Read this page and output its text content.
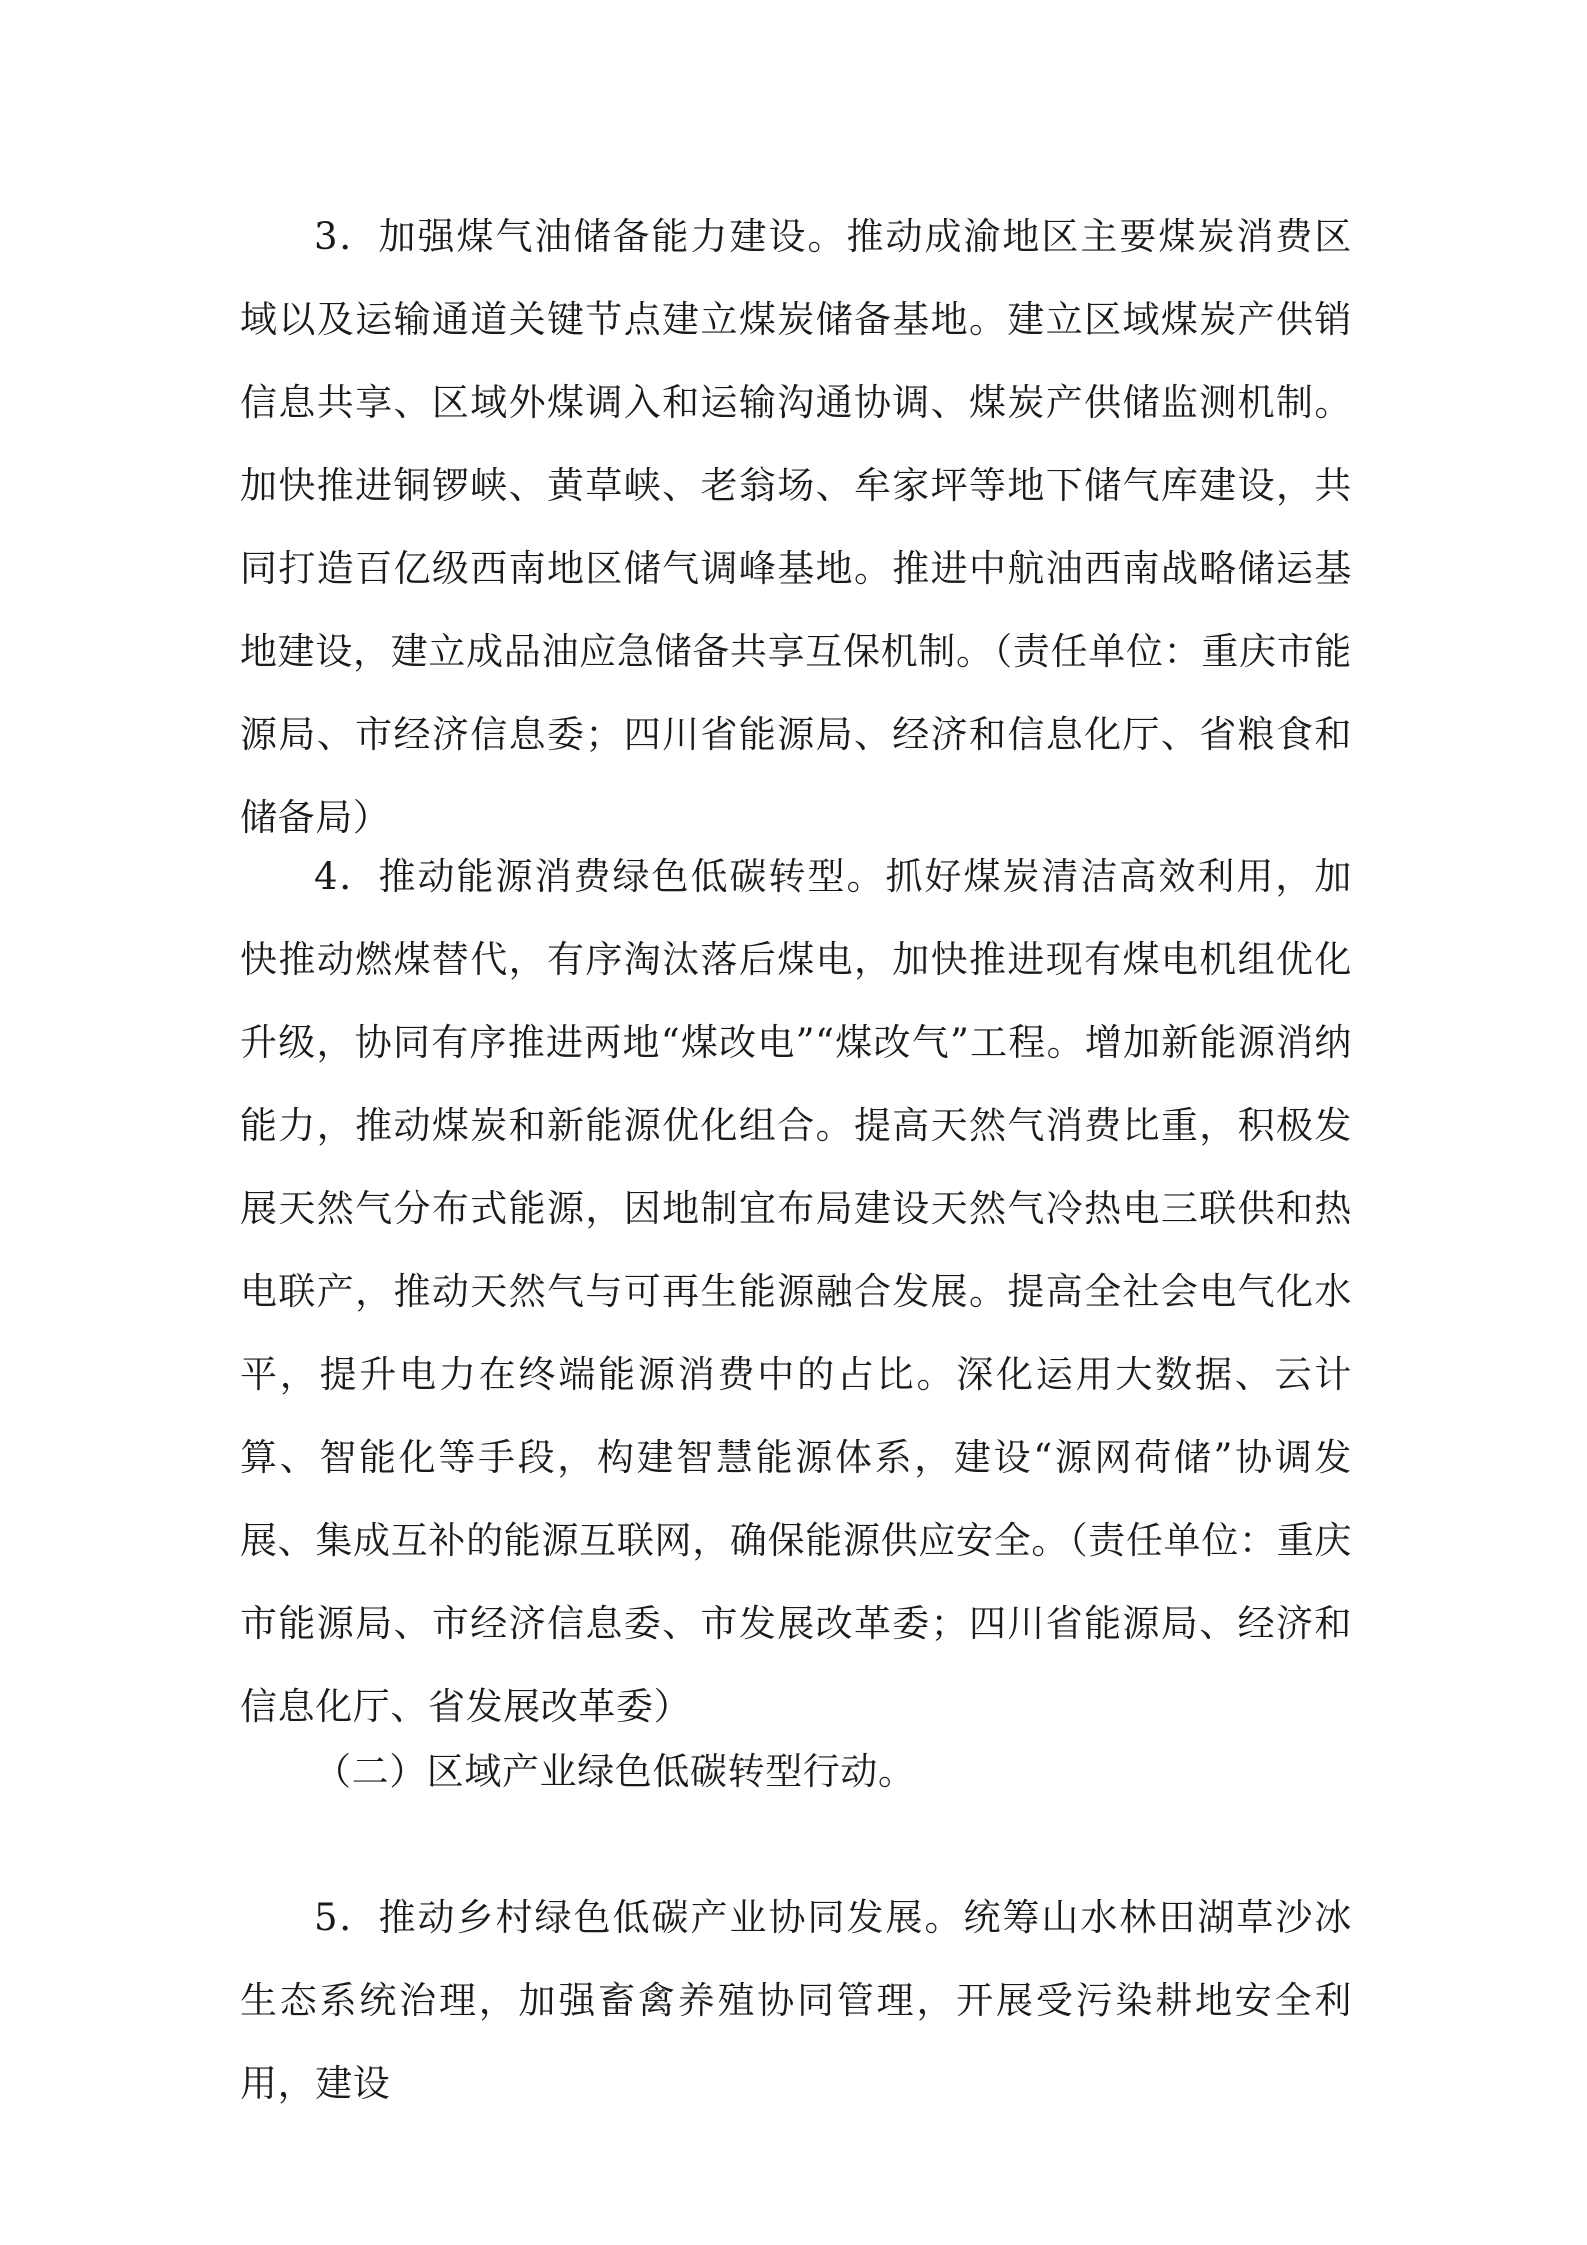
3．加强煤气油储备能力建设。推动成渝地区主要煤炭消费区域以及运输通道关键节点建立煤炭储备基地。建立区域煤炭产供销信息共享、区域外煤调入和运输沟通协调、煤炭产供储监测机制。加快推进铜锣峡、黄草峡、老翁场、牟家坪等地下储气库建设，共同打造百亿级西南地区储气调峰基地。推进中航油西南战略储运基地建设，建立成品油应急储备共享互保机制。（责任单位：重庆市能源局、市经济信息委；四川省能源局、经济和信息化厅、省粮食和储备局）

4．推动能源消费绿色低碳转型。抓好煤炭清洁高效利用，加快推动燃煤替代，有序淘汰落后煤电，加快推进现有煤电机组优化升级，协同有序推进两地“煤改电”“煤改气”工程。增加新能源消纳能力，推动煤炭和新能源优化组合。提高天然气消费比重，积极发展天然气分布式能源，因地制宜布局建设天然气冷热电三联供和热电联产，推动天然气与可再生能源融合发展。提高全社会电气化水平，提升电力在终端能源消费中的占比。深化运用大数据、云计算、智能化等手段，构建智慧能源体系，建设“源网荷储”协调发展、集成互补的能源互联网，确保能源供应安全。（责任单位：重庆市能源局、市经济信息委、市发展改革委；四川省能源局、经济和信息化厅、省发展改革委）

（二）区域产业绿色低碳转型行动。

5．推动乡村绿色低碳产业协同发展。统筹山水林田湖草沙冰生态系统治理，加强畜禽养殖协同管理，开展受污染耕地安全利用，建设
